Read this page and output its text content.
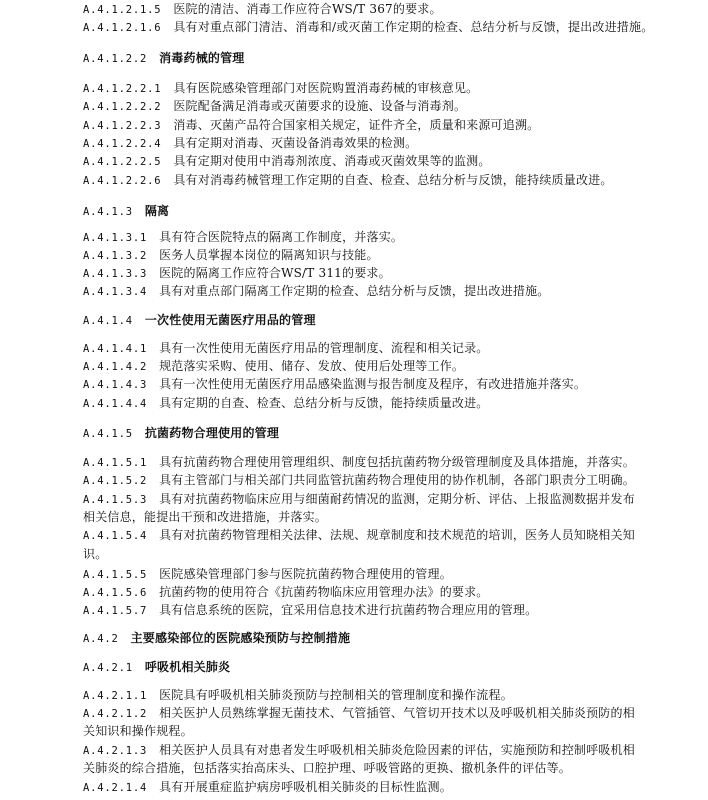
A.4.1.2.1.5 医院的清洁、消毒工作应符合WS/T 367的要求。
A.4.1.2.1.6 具有对重点部门清洁、消毒和/或灭菌工作定期的检查、总结分析与反馈，提出改进措施。
A.4.1.2.2 消毒药械的管理
A.4.1.2.2.1 具有医院感染管理部门对医院购置消毒药械的审核意见。
A.4.1.2.2.2 医院配备满足消毒或灭菌要求的设施、设备与消毒剂。
A.4.1.2.2.3 消毒、灭菌产品符合国家相关规定，证件齐全，质量和来源可追溯。
A.4.1.2.2.4 具有定期对消毒、灭菌设备消毒效果的检测。
A.4.1.2.2.5 具有定期对使用中消毒剂浓度、消毒或灭菌效果等的监测。
A.4.1.2.2.6 具有对消毒药械管理工作定期的自查、检查、总结分析与反馈，能持续质量改进。
A.4.1.3 隔离
A.4.1.3.1 具有符合医院特点的隔离工作制度，并落实。
A.4.1.3.2 医务人员掌握本岗位的隔离知识与技能。
A.4.1.3.3 医院的隔离工作应符合WS/T 311的要求。
A.4.1.3.4 具有对重点部门隔离工作定期的检查、总结分析与反馈，提出改进措施。
A.4.1.4 一次性使用无菌医疗用品的管理
A.4.1.4.1 具有一次性使用无菌医疗用品的管理制度、流程和相关记录。
A.4.1.4.2 规范落实采购、使用、储存、发放、使用后处理等工作。
A.4.1.4.3 具有一次性使用无菌医疗用品感染监测与报告制度及程序，有改进措施并落实。
A.4.1.4.4 具有定期的自查、检查、总结分析与反馈，能持续质量改进。
A.4.1.5 抗菌药物合理使用的管理
A.4.1.5.1 具有抗菌药物合理使用管理组织、制度包括抗菌药物分级管理制度及具体措施，并落实。
A.4.1.5.2 具有主管部门与相关部门共同监管抗菌药物合理使用的协作机制，各部门职责分工明确。
A.4.1.5.3 具有对抗菌药物临床应用与细菌耐药情况的监测，定期分析、评估、上报监测数据并发布
相关信息，能提出干预和改进措施，并落实。
A.4.1.5.4 具有对抗菌药物管理相关法律、法规、规章制度和技术规范的培训，医务人员知晓相关知
识。
A.4.1.5.5 医院感染管理部门参与医院抗菌药物合理使用的管理。
A.4.1.5.6 抗菌药物的使用符合《抗菌药物临床应用管理办法》的要求。
A.4.1.5.7 具有信息系统的医院，宜采用信息技术进行抗菌药物合理应用的管理。
A.4.2 主要感染部位的医院感染预防与控制措施
A.4.2.1 呼吸机相关肺炎
A.4.2.1.1 医院具有呼吸机相关肺炎预防与控制相关的管理制度和操作流程。
A.4.2.1.2 相关医护人员熟练掌握无菌技术、气管插管、气管切开技术以及呼吸机相关肺炎预防的相
关知识和操作规程。
A.4.2.1.3 相关医护人员具有对患者发生呼吸机相关肺炎危险因素的评估，实施预防和控制呼吸机相
关肺炎的综合措施，包括落实抬高床头、口腔护理、呼吸管路的更换、撤机条件的评估等。
A.4.2.1.4 具有开展重症监护病房呼吸机相关肺炎的目标性监测。
